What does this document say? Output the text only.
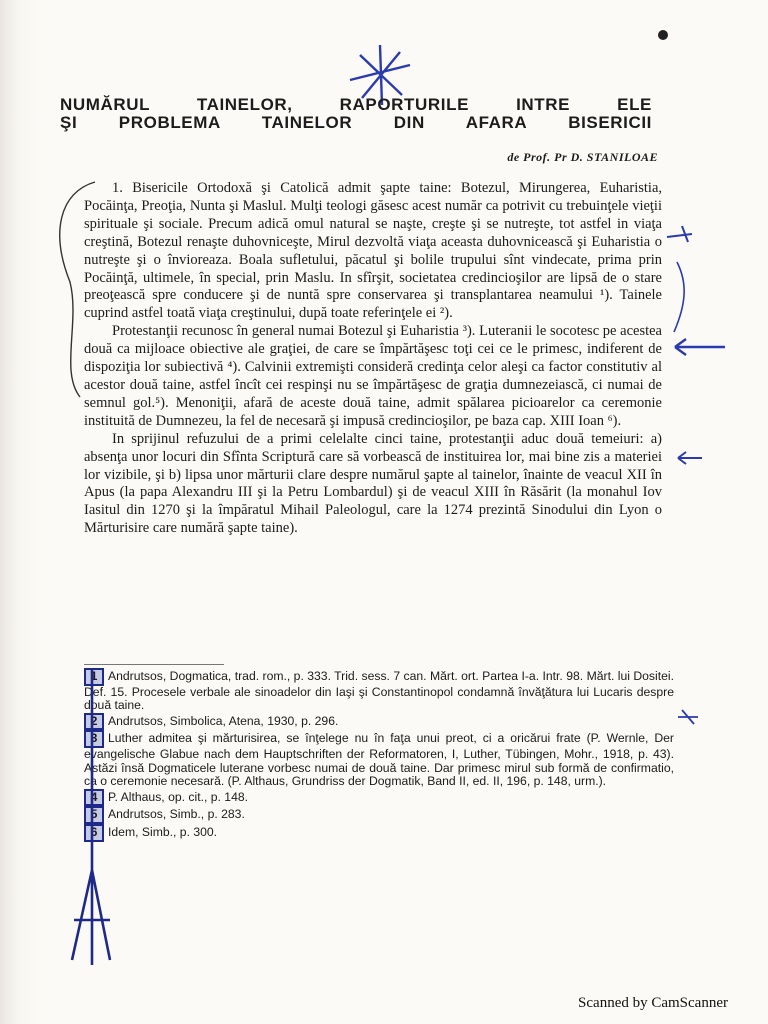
NUMĂRUL TAINELOR, RAPORTURILE INTRE ELE
ŞI PROBLEMA TAINELOR DIN AFARA BISERICII
de Prof. Pr D. STANILOAE

1. Bisericile Ortodoxă şi Catolică admit şapte taine: Botezul, Mirungerea, Euharistia, Pocăinţa, Preoţia, Nunta şi Maslul. Mulţi teologi găsesc acest număr ca potrivit cu trebuinţele vieţii spirituale şi sociale. Precum adică omul natural se naşte, creşte şi se nutreşte, tot astfel in viaţa creştină, Botezul renaşte duhovniceşte, Mirul dezvoltă viaţa aceasta duhovnicească şi Euharistia o nutreşte şi o învioreaza. Boala sufletului, păcatul şi bolile trupului sînt vindecate, prima prin Pocăinţă, ultimele, în special, prin Maslu. In sfîrşit, societatea credincioşilor are lipsă de o stare preoţească spre conducere şi de nuntă spre conservarea şi transplantarea neamului ¹). Tainele cuprind astfel toată viaţa creştinului, după toate referinţele ei ²).

Protestanţii recunosc în general numai Botezul şi Euharistia ³). Luteranii le socotesc pe acestea două ca mijloace obiective ale graţiei, de care se împărtăşesc toţi cei ce le primesc, indiferent de dispoziţia lor subiectivă ⁴). Calvinii extremişti consideră credinţa celor aleşi ca factor constitutiv al acestor două taine, astfel încît cei respinşi nu se împărtăşesc de graţia dumnezeiască, ci numai de semnul gol.⁵). Menoniţii, afară de aceste două taine, admit spălarea picioarelor ca ceremonie instituită de Dumnezeu, la fel de necesară şi impusă credincioşilor, pe baza cap. XIII Ioan ⁶).

In sprijinul refuzului de a primi celelalte cinci taine, protestanţii aduc două temeiuri: a) absenţa unor locuri din Sfînta Scriptură care să vorbească de instituirea lor, mai bine zis a materiei lor vizibile, şi b) lipsa unor mărturii clare despre numărul şapte al tainelor, înainte de veacul XII în Apus (la papa Alexandru III şi la Petru Lombardul) şi de veacul XIII în Răsărit (la monahul Iov Iasitul din 1270 şi la împăratul Mihail Paleologul, care la 1274 prezintă Sinodului din Lyon o Mărturisire care numără şapte taine).

1 Andrutsos, Dogmatica, trad. rom., p. 333. Trid. sess. 7 can. Mărt. ort. Partea I-a. Intr. 98. Mărt. lui Dositei. Def. 15. Procesele verbale ale sinoadelor din Iaşi şi Constantinopol condamnă învăţătura lui Lucaris despre două taine.

2 Andrutsos, Simbolica, Atena, 1930, p. 296.

3 Luther admitea şi mărturisirea, se înţelege nu în faţa unui preot, ci a oricărui frate (P. Wernle, Der evangelische Glabue nach dem Hauptschriften der Reformatoren, I, Luther, Tübingen, Mohr., 1918, p. 43). Astăzi însă Dogmaticele luterane vorbesc numai de două taine. Dar primesc mirul sub formă de confirmatio, ca o ceremonie necesară. (P. Althaus, Grundriss der Dogmatik, Band II, ed. II, 196, p. 148, urm.).

4 P. Althaus, op. cit., p. 148.

5 Andrutsos, Simb., p. 283.

6 Idem, Simb., p. 300.

Scanned by CamScanner
